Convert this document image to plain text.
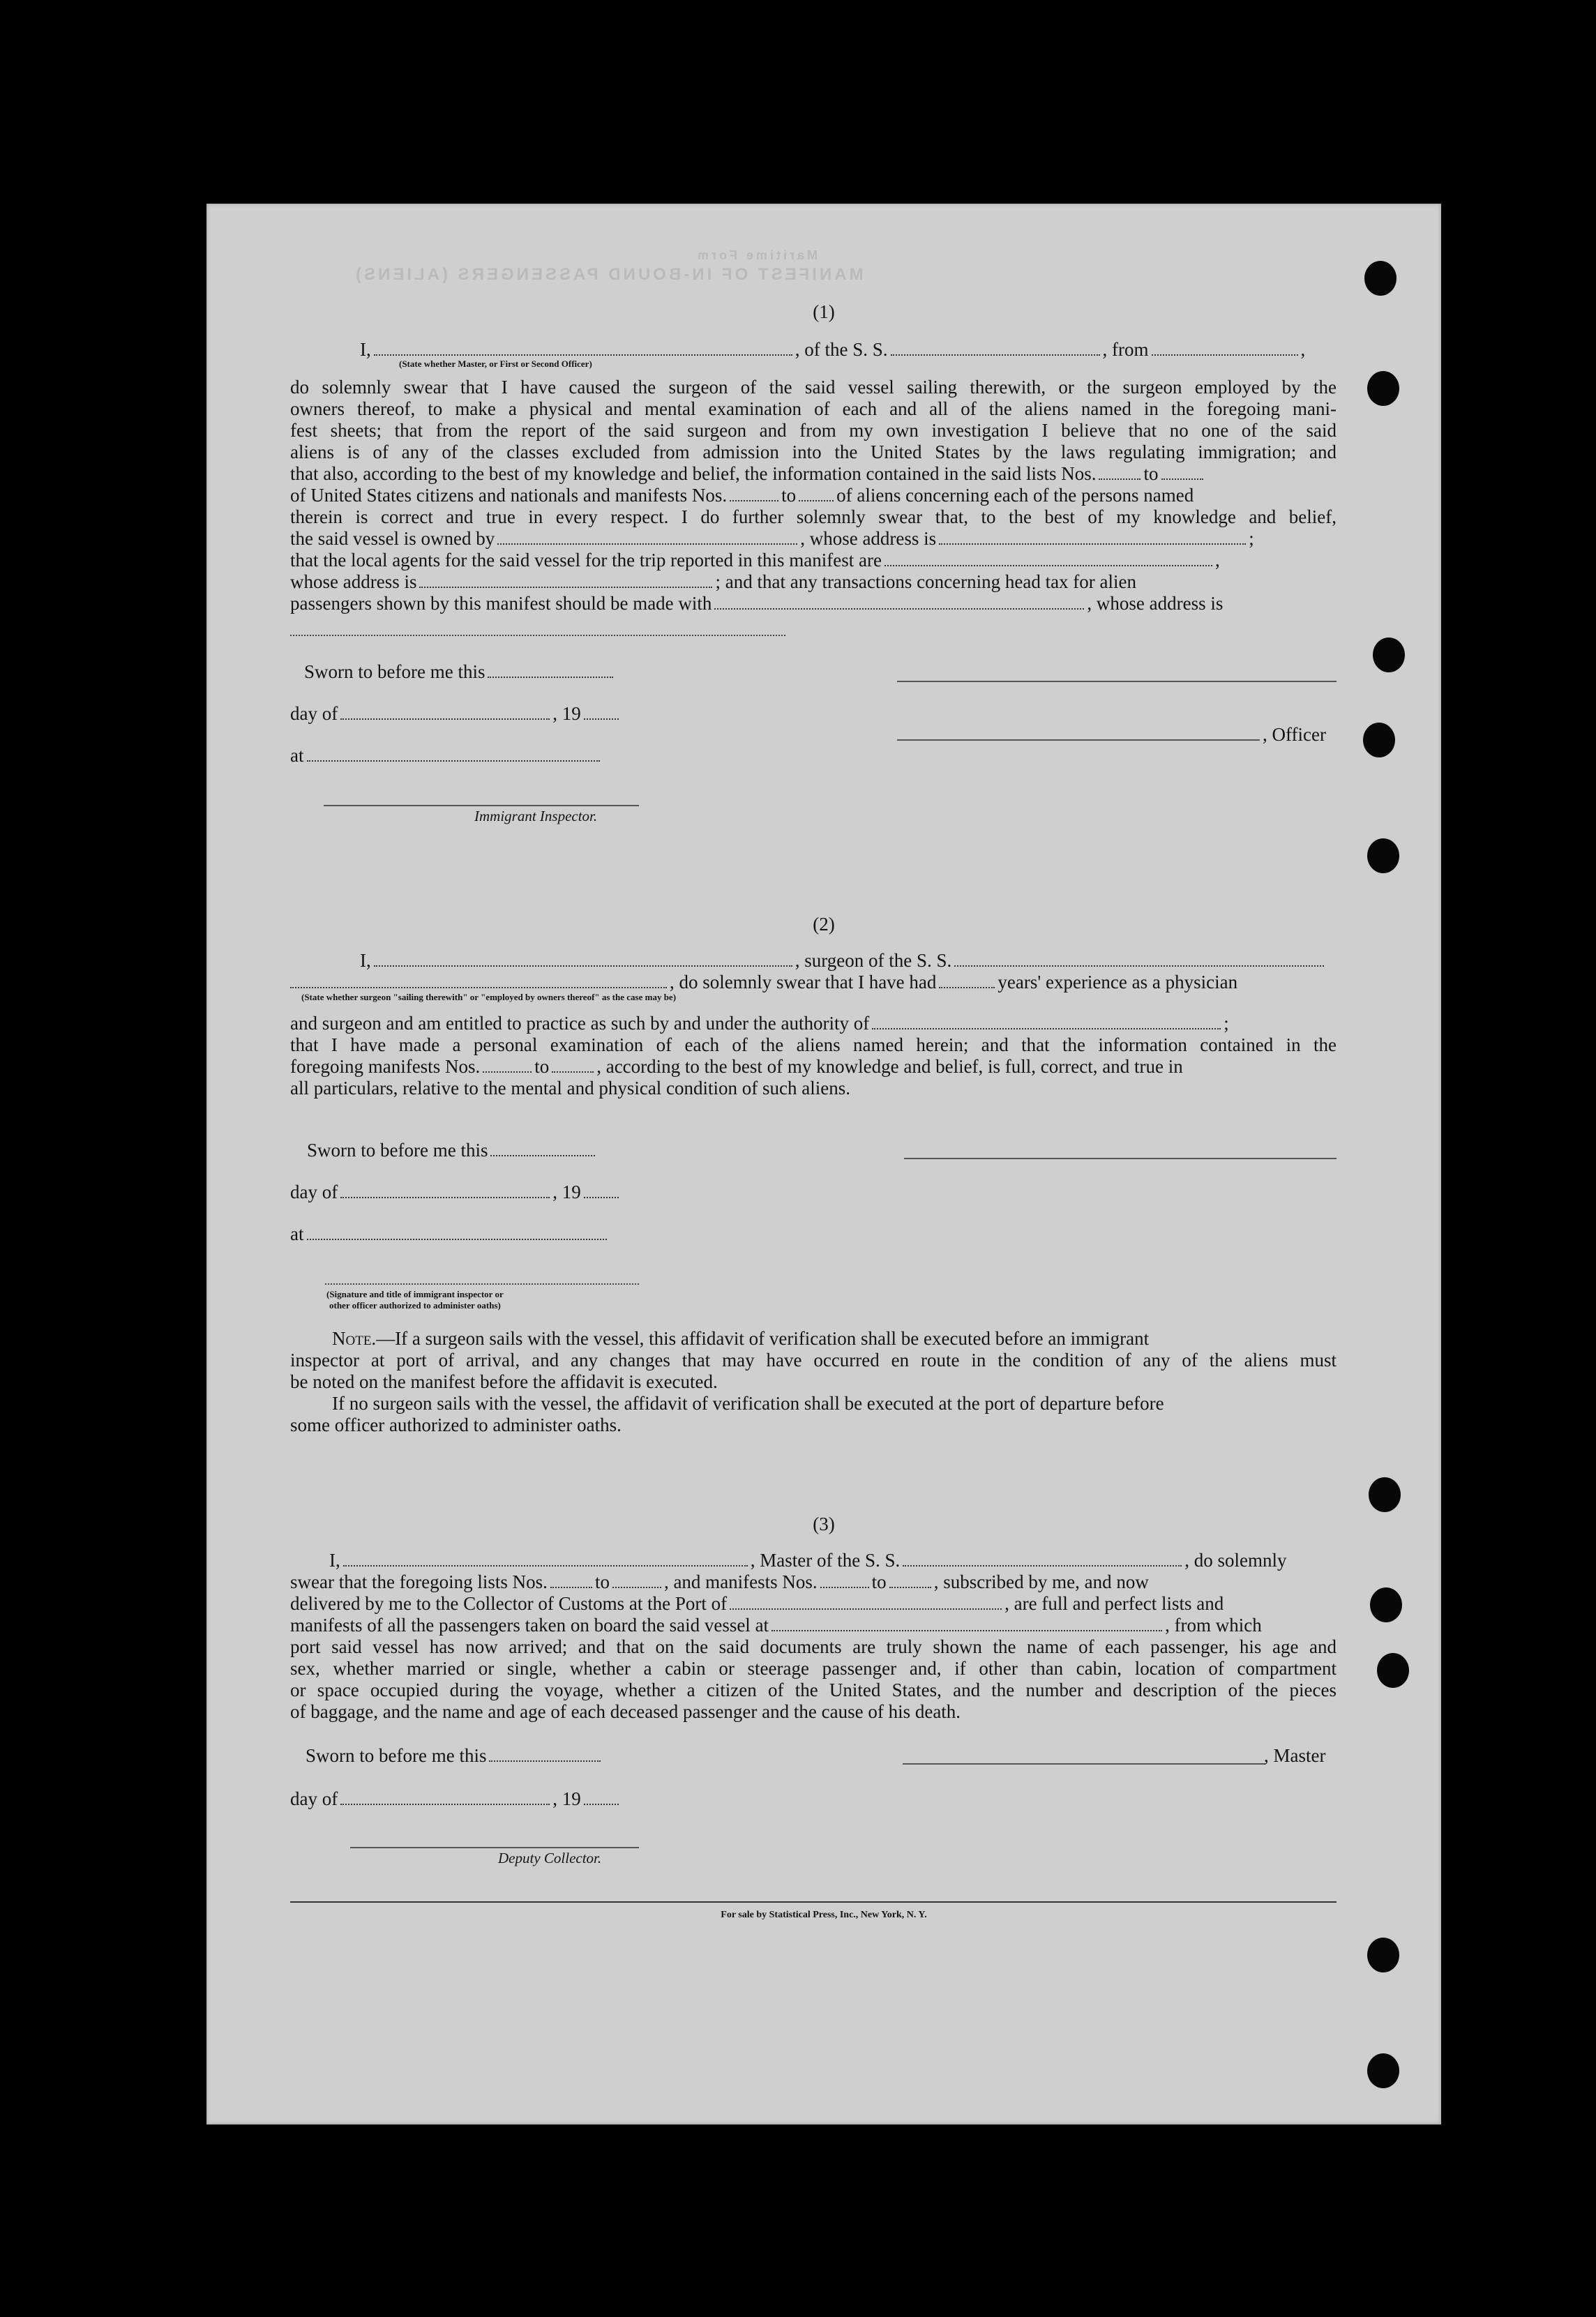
MANIFEST OF IN-BOUND PASSENGERS (ALIENS)
Maritime Form
(1)
I,	, of the S. S.	, from	,
(State whether Master, or First or Second Officer)
do solemnly swear that I have caused the surgeon of the said vessel sailing therewith, or the surgeon employed by the
owners thereof, to make a physical and mental examination of each and all of the aliens named in the foregoing mani-
fest sheets; that from the report of the said surgeon and from my own investigation I believe that no one of the said
aliens is of any of the classes excluded from admission into the United States by the laws regulating immigration; and
that also, according to the best of my knowledge and belief, the information contained in the said lists Nos.	to
of United States citizens and nationals and manifests Nos.	to of aliens concerning each of the persons named
therein is correct and true in every respect. I do further solemnly swear that, to the best of my knowledge and belief,
the said vessel is owned by	, whose address is	;
that the local agents for the said vessel for the trip reported in this manifest are	,
whose address is	; and that any transactions concerning head tax for alien
passengers shown by this manifest should be made with	, whose address is
Sworn to before me this
day of	, 19
, Officer
at
Immigrant Inspector.
(2)
I,	, surgeon of the S. S.
, do solemnly swear that I have had	years' experience as a physician
(State whether surgeon "sailing therewith" or "employed by owners thereof" as the case may be)
and surgeon and am entitled to practice as such by and under the authority of	;
that I have made a personal examination of each of the aliens named herein; and that the information contained in the
foregoing manifests Nos.	to	, according to the best of my knowledge and belief, is full, correct, and true in
all particulars, relative to the mental and physical condition of such aliens.
Sworn to before me this
day of	, 19
at
(Signature and title of immigrant inspector or
other officer authorized to administer oaths)
Note.—If a surgeon sails with the vessel, this affidavit of verification shall be executed before an immigrant
inspector at port of arrival, and any changes that may have occurred en route in the condition of any of the aliens must
be noted on the manifest before the affidavit is executed.
If no surgeon sails with the vessel, the affidavit of verification shall be executed at the port of departure before
some officer authorized to administer oaths.
(3)
I,	, Master of the S. S.	, do solemnly
swear that the foregoing lists Nos.	to	, and manifests Nos.	to	, subscribed by me, and now
delivered by me to the Collector of Customs at the Port of	, are full and perfect lists and
manifests of all the passengers taken on board the said vessel at	, from which
port said vessel has now arrived; and that on the said documents are truly shown the name of each passenger, his age and
sex, whether married or single, whether a cabin or steerage passenger and, if other than cabin, location of compartment
or space occupied during the voyage, whether a citizen of the United States, and the number and description of the pieces
of baggage, and the name and age of each deceased passenger and the cause of his death.
Sworn to before me this	, Master
day of	, 19
Deputy Collector.
For sale by Statistical Press, Inc., New York, N. Y.
